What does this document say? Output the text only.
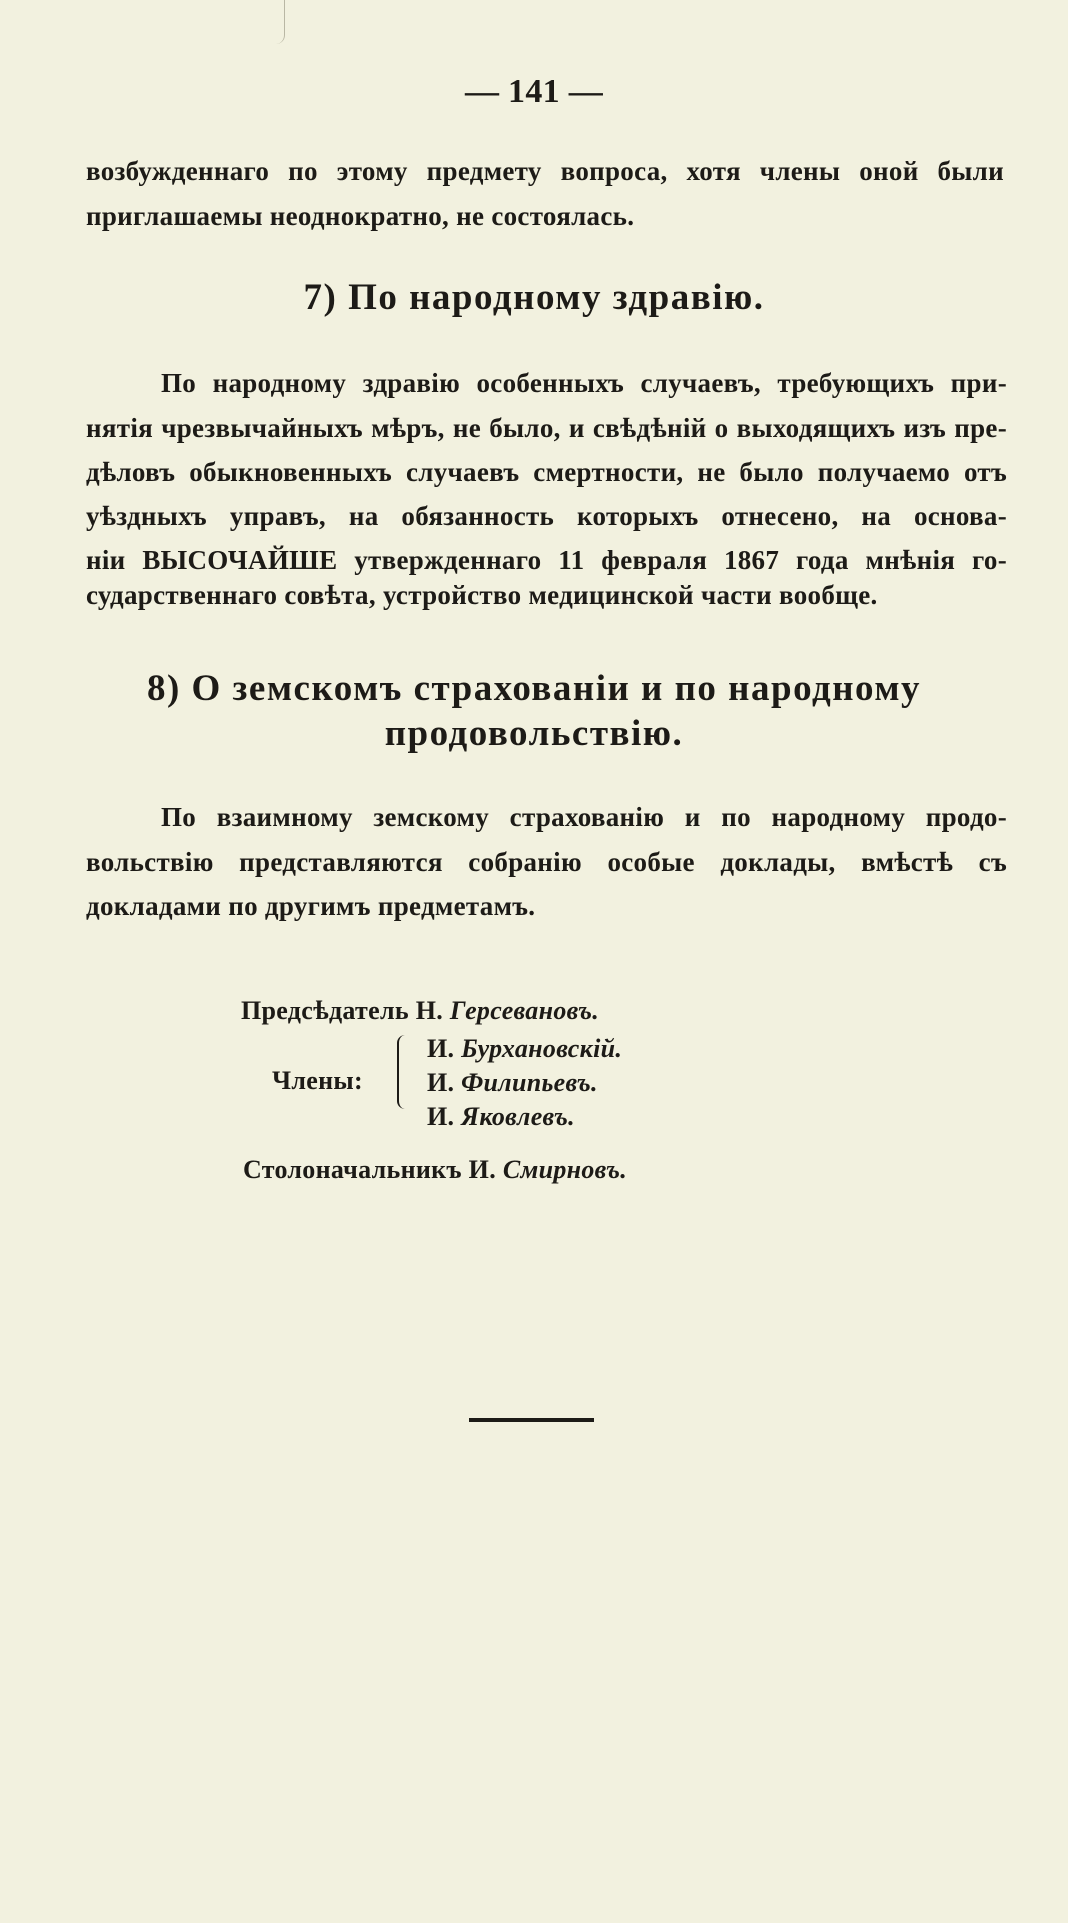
— 141 —
возбужденнаго по этому предмету вопроса, хотя члены оной были
приглашаемы неоднократно, не состоялась.
7) По народному здравію.
По народному здравію особенныхъ случаевъ, требующихъ при-
нятія чрезвычайныхъ мѣръ, не было, и свѣдѣній о выходящихъ изъ пре-
дѣловъ обыкновенныхъ случаевъ смертности, не было получаемо отъ
уѣздныхъ управъ, на обязанность которыхъ отнесено, на основа-
ніи ВЫСОЧАЙШЕ утвержденнаго 11 февраля 1867 года мнѣнія го-
сударственнаго совѣта, устройство медицинской части вообще.
8) О земскомъ страхованіи и по народному
продовольствію.
По взаимному земскому страхованію и по народному продо-
вольствію представляются собранію особые доклады, вмѣстѣ съ
докладами по другимъ предметамъ.
Предсѣдатель Н. Герсевановъ.
Члены:
И. Бурхановскій.
И. Филипьевъ.
И. Яковлевъ.
Столоначальникъ И. Смирновъ.
